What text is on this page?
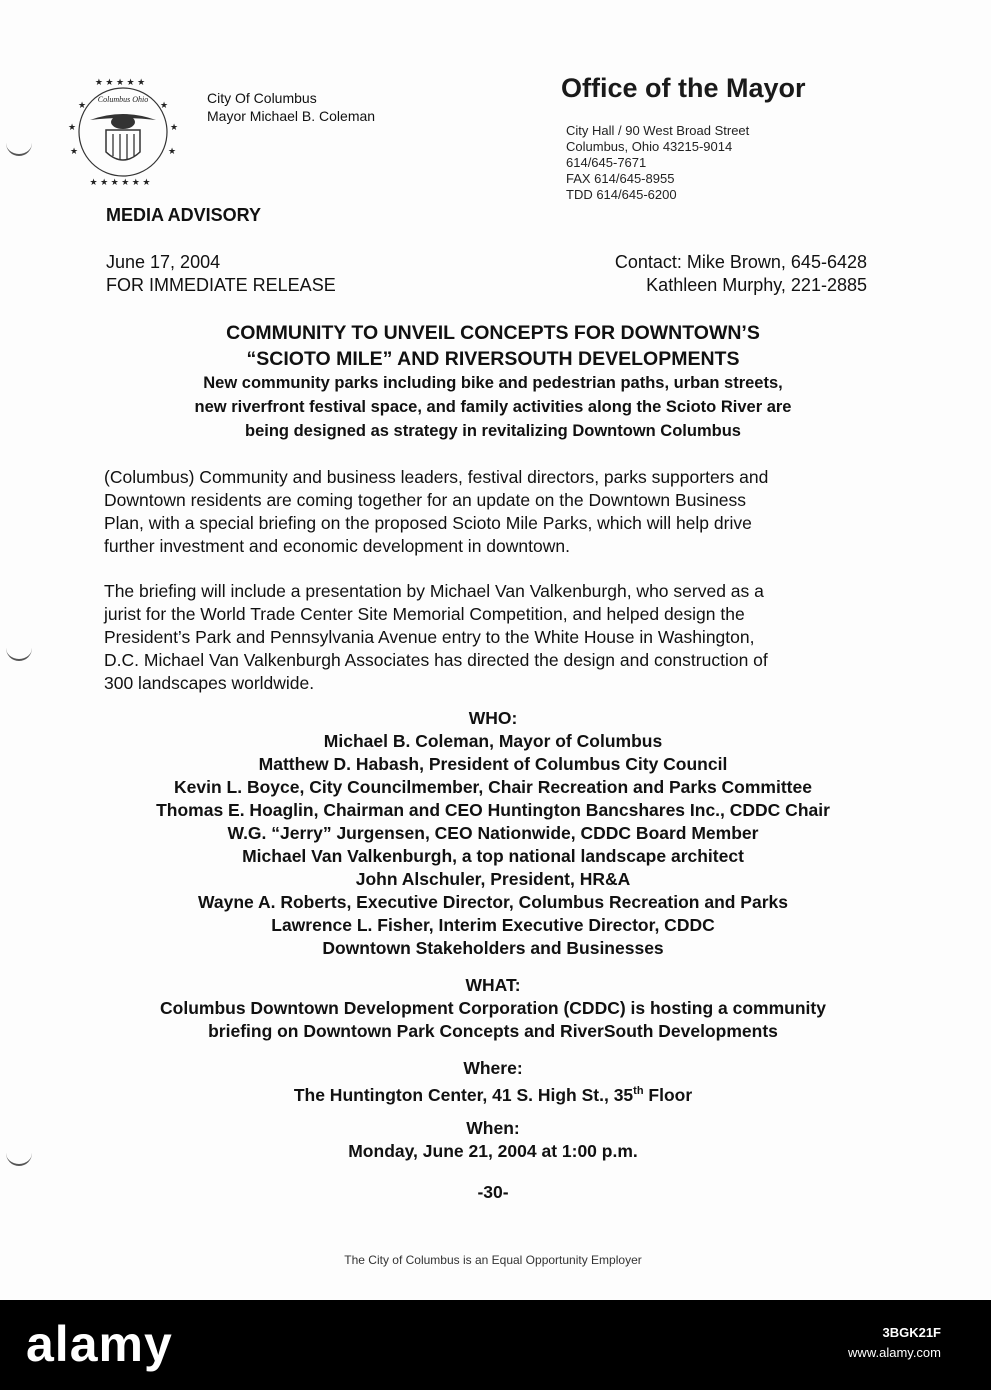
★ ★ ★ ★ ★
★	★
★	★
★	★
★ ★ ★ ★ ★ ★
Columbus Ohio	City Of Columbus
Mayor Michael B. Coleman
Office of the Mayor
City Hall / 90 West Broad Street
Columbus, Ohio 43215-9014
614/645-7671
FAX 614/645-8955
TDD 614/645-6200
MEDIA ADVISORY
June 17, 2004
FOR IMMEDIATE RELEASE
Contact: Mike Brown, 645-6428
Kathleen Murphy, 221-2885
COMMUNITY TO UNVEIL CONCEPTS FOR DOWNTOWN’S
“SCIOTO MILE” AND RIVERSOUTH DEVELOPMENTS
New community parks including bike and pedestrian paths, urban streets,
new riverfront festival space, and family activities along the Scioto River are
being designed as strategy in revitalizing Downtown Columbus
(Columbus) Community and business leaders, festival directors, parks supporters and
Downtown residents are coming together for an update on the Downtown Business
Plan, with a special briefing on the proposed Scioto Mile Parks, which will help drive
further investment and economic development in downtown.
The briefing will include a presentation by Michael Van Valkenburgh, who served as a
jurist for the World Trade Center Site Memorial Competition, and helped design the
President’s Park and Pennsylvania Avenue entry to the White House in Washington,
D.C. Michael Van Valkenburgh Associates has directed the design and construction of
300 landscapes worldwide.
WHO:
Michael B. Coleman, Mayor of Columbus
Matthew D. Habash, President of Columbus City Council
Kevin L. Boyce, City Councilmember, Chair Recreation and Parks Committee
Thomas E. Hoaglin, Chairman and CEO Huntington Bancshares Inc., CDDC Chair
W.G. “Jerry” Jurgensen, CEO Nationwide, CDDC Board Member
Michael Van Valkenburgh, a top national landscape architect
John Alschuler, President, HR&A
Wayne A. Roberts, Executive Director, Columbus Recreation and Parks
Lawrence L. Fisher, Interim Executive Director, CDDC
Downtown Stakeholders and Businesses
WHAT:
Columbus Downtown Development Corporation (CDDC) is hosting a community
briefing on Downtown Park Concepts and RiverSouth Developments
Where:
The Huntington Center, 41 S. High St., 35th Floor
When:
Monday, June 21, 2004 at 1:00 p.m.
-30-
The City of Columbus is an Equal Opportunity Employer
alamy	3BGK21F
www.alamy.com
